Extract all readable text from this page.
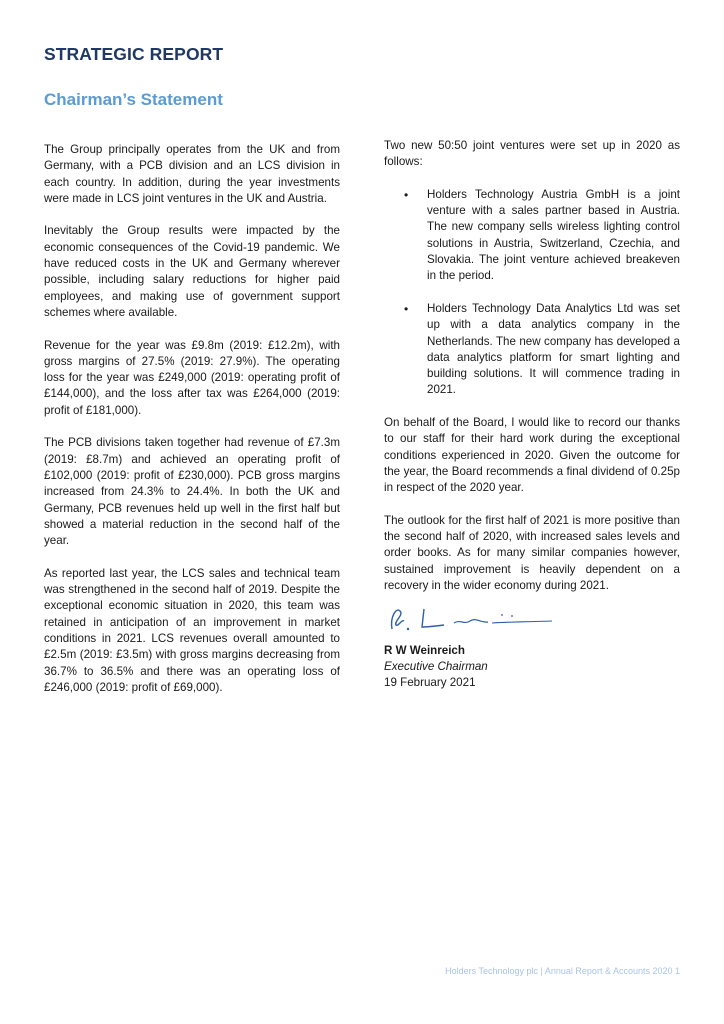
STRATEGIC REPORT
Chairman’s Statement

The Group principally operates from the UK and from Germany, with a PCB division and an LCS division in each country. In addition, during the year investments were made in LCS joint ventures in the UK and Austria.

Inevitably the Group results were impacted by the economic consequences of the Covid-19 pandemic. We have reduced costs in the UK and Germany wherever possible, including salary reductions for higher paid employees, and making use of government support schemes where available.

Revenue for the year was £9.8m (2019: £12.2m), with gross margins of 27.5% (2019: 27.9%). The operating loss for the year was £249,000 (2019: operating profit of £144,000), and the loss after tax was £264,000 (2019: profit of £181,000).

The PCB divisions taken together had revenue of £7.3m (2019: £8.7m) and achieved an operating profit of £102,000 (2019: profit of £230,000). PCB gross margins increased from 24.3% to 24.4%. In both the UK and Germany, PCB revenues held up well in the first half but showed a material reduction in the second half of the year.

As reported last year, the LCS sales and technical team was strengthened in the second half of 2019. Despite the exceptional economic situation in 2020, this team was retained in anticipation of an improvement in market conditions in 2021. LCS revenues overall amounted to £2.5m (2019: £3.5m) with gross margins decreasing from 36.7% to 36.5% and there was an operating loss of £246,000 (2019: profit of £69,000).

Two new 50:50 joint ventures were set up in 2020 as follows:

• Holders Technology Austria GmbH is a joint venture with a sales partner based in Austria. The new company sells wireless lighting control solutions in Austria, Switzerland, Czechia, and Slovakia. The joint venture achieved breakeven in the period.
• Holders Technology Data Analytics Ltd was set up with a data analytics company in the Netherlands. The new company has developed a data analytics platform for smart lighting and building solutions. It will commence trading in 2021.

On behalf of the Board, I would like to record our thanks to our staff for their hard work during the exceptional conditions experienced in 2020. Given the outcome for the year, the Board recommends a final dividend of 0.25p in respect of the 2020 year.

The outlook for the first half of 2021 is more positive than the second half of 2020, with increased sales levels and order books. As for many similar companies however, sustained improvement is heavily dependent on a recovery in the wider economy during 2021.

R W Weinreich
Executive Chairman
19 February 2021
Holders Technology plc | Annual Report & Accounts 2020 1
